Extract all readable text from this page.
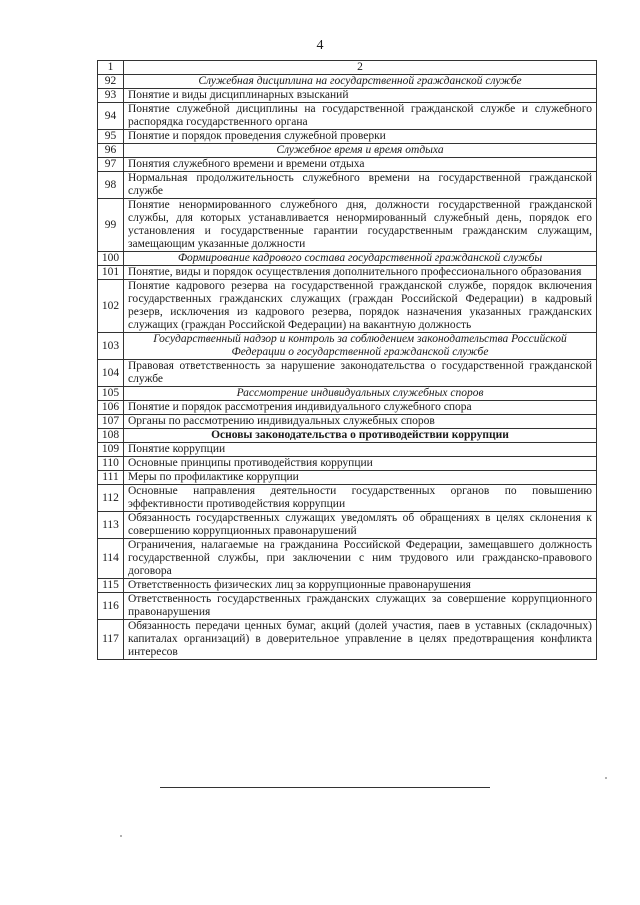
4
1	2
92	Служебная дисциплина на государственной гражданской службе
93	Понятие и виды дисциплинарных взысканий
94	Понятие служебной дисциплины на государственной гражданской службе и служебного распорядка государственного органа
95	Понятие и порядок проведения служебной проверки
96	Служебное время и время отдыха
97	Понятия служебного времени и времени отдыха
98	Нормальная продолжительность служебного времени на государственной гражданской службе
99	Понятие ненормированного служебного дня, должности государственной гражданской службы, для которых устанавливается ненормированный служебный день, порядок его установления и государственные гарантии государственным гражданским служащим, замещающим указанные должности
100	Формирование кадрового состава государственной гражданской службы
101	Понятие, виды и порядок осуществления дополнительного профессионального образования
102	Понятие кадрового резерва на государственной гражданской службе, порядок включения государственных гражданских служащих (граждан Российской Федерации) в кадровый резерв, исключения из кадрового резерва, порядок назначения указанных гражданских служащих (граждан Российской Федерации) на вакантную должность
103	Государственный надзор и контроль за соблюдением законодательства Российской Федерации о государственной гражданской службе
104	Правовая ответственность за нарушение законодательства о государственной гражданской службе
105	Рассмотрение индивидуальных служебных споров
106	Понятие и порядок рассмотрения индивидуального служебного спора
107	Органы по рассмотрению индивидуальных служебных споров
108	Основы законодательства о противодействии коррупции
109	Понятие коррупции
110	Основные принципы противодействия коррупции
111	Меры по профилактике коррупции
112	Основные направления деятельности государственных органов по повышению эффективности противодействия коррупции
113	Обязанность государственных служащих уведомлять об обращениях в целях склонения к совершению коррупционных правонарушений
114	Ограничения, налагаемые на гражданина Российской Федерации, замещавшего должность государственной службы, при заключении с ним трудового или гражданско-правового договора
115	Ответственность физических лиц за коррупционные правонарушения
116	Ответственность государственных гражданских служащих за совершение коррупционного правонарушения
117	Обязанность передачи ценных бумаг, акций (долей участия, паев в уставных (складочных) капиталах организаций) в доверительное управление в целях предотвращения конфликта интересов
